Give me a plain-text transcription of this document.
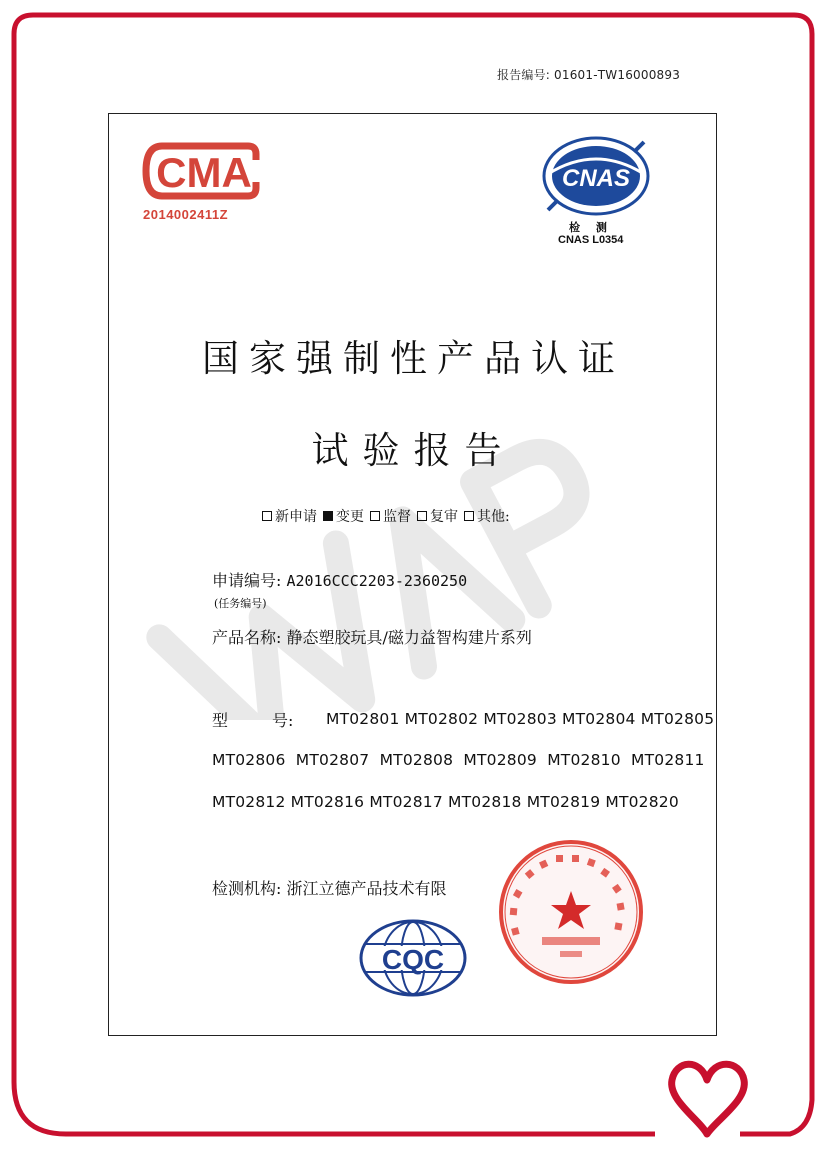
报告编号: 01601-TW16000893
CMA
2014002411Z
CNAS
检 测
CNAS L0354
国家强制性产品认证
试验报告
新申请 变更 监督 复审 其他:
申请编号: A2016CCC2203-2360250
(任务编号)
产品名称: 静态塑胶玩具/磁力益智构建片系列
型	号: MT02801 MT02802 MT02803 MT02804 MT02805
MT02806  MT02807  MT02808  MT02809  MT02810  MT02811
MT02812 MT02816 MT02817 MT02818 MT02819 MT02820
检测机构: 浙江立德产品技术有限
CQC
